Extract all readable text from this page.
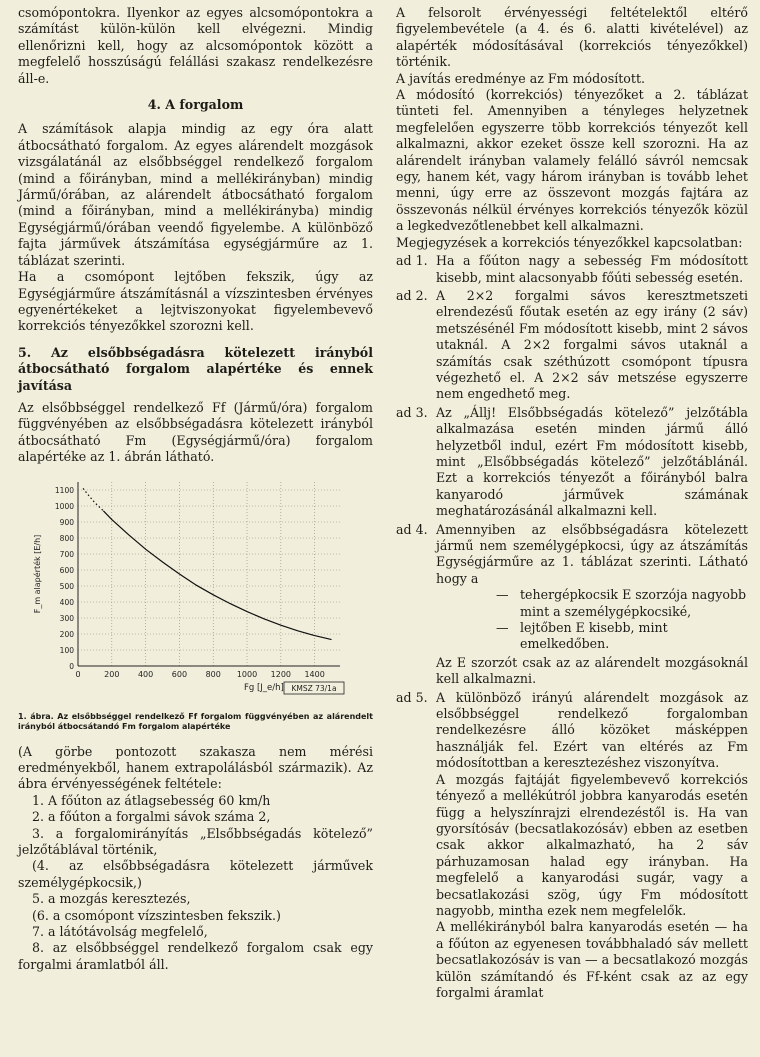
csomópontokra. Ilyenkor az egyes alcsomópontokra a számítást külön-külön kell elvégezni. Mindig ellenőrizni kell, hogy az alcsomópontok között a megfelelő hosszúságú felállási szakasz rendelkezésre áll-e.

4. A forgalom

A számítások alapja mindig az egy óra alatt átbocsátható forgalom. Az egyes alárendelt mozgások vizsgálatánál az elsőbbséggel rendelkező forgalom (mind a főirányban, mind a mellékirányban) mindig Jármű/órában, az alárendelt átbocsátható forgalom (mind a főirányban, mind a mellékirányba) mindig Egységjármű/órában veendő figyelembe. A különböző fajta járművek átszámítása egységjárműre az 1. táblázat szerinti.

Ha a csomópont lejtőben fekszik, úgy az Egységjárműre átszámításnál a vízszintesben érvényes egyenértékeket a lejtviszonyokat figyelembevevő korrekciós tényezőkkel szorozni kell.

5. Az elsőbbségadásra kötelezett irányból átbocsátható forgalom alapértéke és ennek javítása

Az elsőbbséggel rendelkező Ff (Jármű/óra) forgalom függvényében az elsőbbségadásra kötelezett irányból átbocsátható Fm (Egységjármű/óra) forgalom alapértéke az 1. ábrán látható.

0	200 400 600 800 1000 1200 1400
0
100
200
300
400
500
600
700
800
900
1000
1100
Fg [J_e/h]
F_m alapérték [E/h]
KMSZ 73/1a

1. ábra. Az elsőbbséggel rendelkező Ff forgalom függvényében az alárendelt irányból átbocsátandó Fm forgalom alapértéke

(A görbe pontozott szakasza nem mérési eredményekből, hanem extrapolálásból származik). Az ábra érvényességének feltétele:

1. A főúton az átlagsebesség 60 km/h

2. a főúton a forgalmi sávok száma 2,

3. a forgalomirányítás „Elsőbbségadás kötelező” jelzőtáblával történik,

(4. az elsőbbségadásra kötelezett járművek személygépkocsik,)

5. a mozgás keresztezés,

(6. a csomópont vízszintesben fekszik.)

7. a látótávolság megfelelő,

8. az elsőbbséggel rendelkező forgalom csak egy forgalmi áramlatból áll.

A felsorolt érvényességi feltételektől eltérő figyelembevétele (a 4. és 6. alatti kivételével) az alapérték módosításával (korrekciós tényezőkkel) történik.

A javítás eredménye az Fm módosított.

A módosító (korrekciós) tényezőket a 2. táblázat tünteti fel. Amennyiben a tényleges helyzetnek megfelelően egyszerre több korrekciós tényezőt kell alkalmazni, akkor ezeket össze kell szorozni. Ha az alárendelt irányban valamely felálló sávról nemcsak egy, hanem két, vagy három irányban is tovább lehet menni, úgy erre az összevont mozgás fajtára az összevonás nélkül érvényes korrekciós tényezők közül a legkedvezőtlenebbet kell alkalmazni.

Megjegyzések a korrekciós tényezőkkel kapcsolatban:

ad 1. Ha a főúton nagy a sebesség Fm módosított kisebb, mint alacsonyabb főúti sebesség esetén.
ad 2. A 2×2 forgalmi sávos keresztmetszeti elrendezésű főutak esetén az egy irány (2 sáv) metszésénél Fm módosított kisebb, mint 2 sávos utaknál. A 2×2 forgalmi sávos utaknál a számítás csak széthúzott csomópont típusra végezhető el. A 2×2 sáv metszése egyszerre nem engedhető meg.
ad 3. Az „Állj! Elsőbbségadás kötelező” jelzőtábla alkalmazása esetén minden jármű álló helyzetből indul, ezért Fm módosított kisebb, mint „Elsőbbségadás kötelező” jelzőtáblánál. Ezt a korrekciós tényezőt a főirányból balra kanyarodó járművek számának meghatározásánál alkalmazni kell.
ad 4. Amennyiben az elsőbbségadásra kötelezett jármű nem személygépkocsi, úgy az átszámítás Egységjárműre az 1. táblázat szerinti. Látható hogy a
— tehergépkocsik E szorzója nagyobb mint a személygépkocsiké,
— lejtőben E kisebb, mint emelkedőben.
Az E szorzót csak az az alárendelt mozgásoknál kell alkalmazni.
ad 5. A különböző irányú alárendelt mozgások az elsőbbséggel rendelkező forgalomban rendelkezésre álló közöket másképpen használják fel. Ezért van eltérés az Fm módosítottban a keresztezéshez viszonyítva.
A mozgás fajtáját figyelembevevő korrekciós tényező a mellékútról jobbra kanyarodás esetén függ a helyszínrajzi elrendezéstől is. Ha van gyorsítósáv (becsatlakozósáv) ebben az esetben csak akkor alkalmazható, ha 2 sáv párhuzamosan halad egy irányban. Ha megfelelő a kanyarodási sugár, vagy a becsatlakozási szög, úgy Fm módosított nagyobb, mintha ezek nem megfelelők.
A mellékirányból balra kanyarodás esetén — ha a főúton az egyenesen továbbhaladó sáv mellett becsatlakozósáv is van — a becsatlakozó mozgás külön számítandó és Ff-ként csak az az egy forgalmi áramlat
